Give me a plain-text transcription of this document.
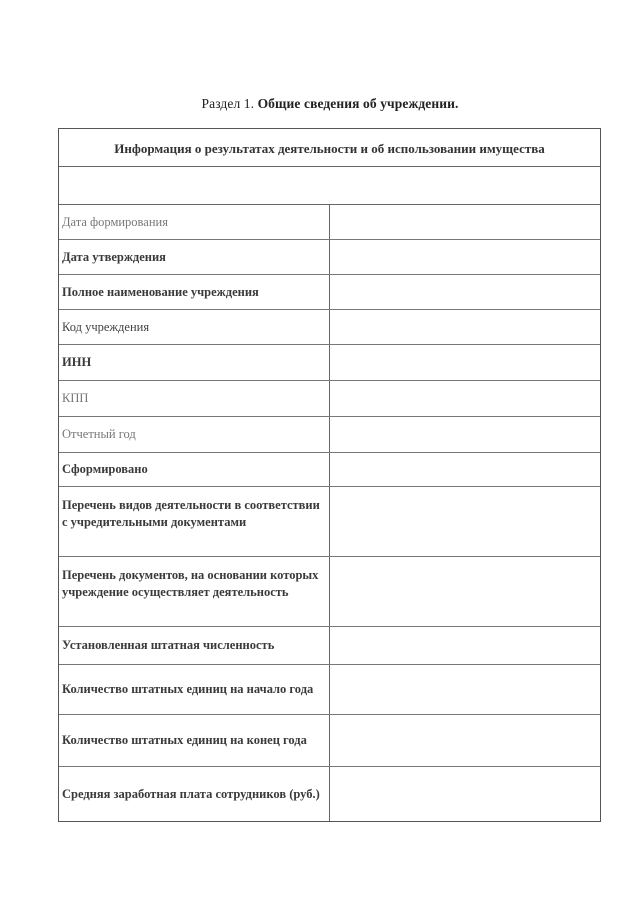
Раздел 1. Общие сведения об учреждении.
Информация о результатах деятельности и об использовании имущества
Дата формирования
Дата утверждения
Полное наименование учреждения
Код учреждения
ИНН
КПП
Отчетный год
Сформировано
Перечень видов деятельности в соответствии с учредительными документами
Перечень документов, на основании которых учреждение осуществляет деятельность
Установленная штатная численность
Количество штатных единиц на начало года
Количество штатных единиц на конец года
Средняя заработная плата сотрудников (руб.)
